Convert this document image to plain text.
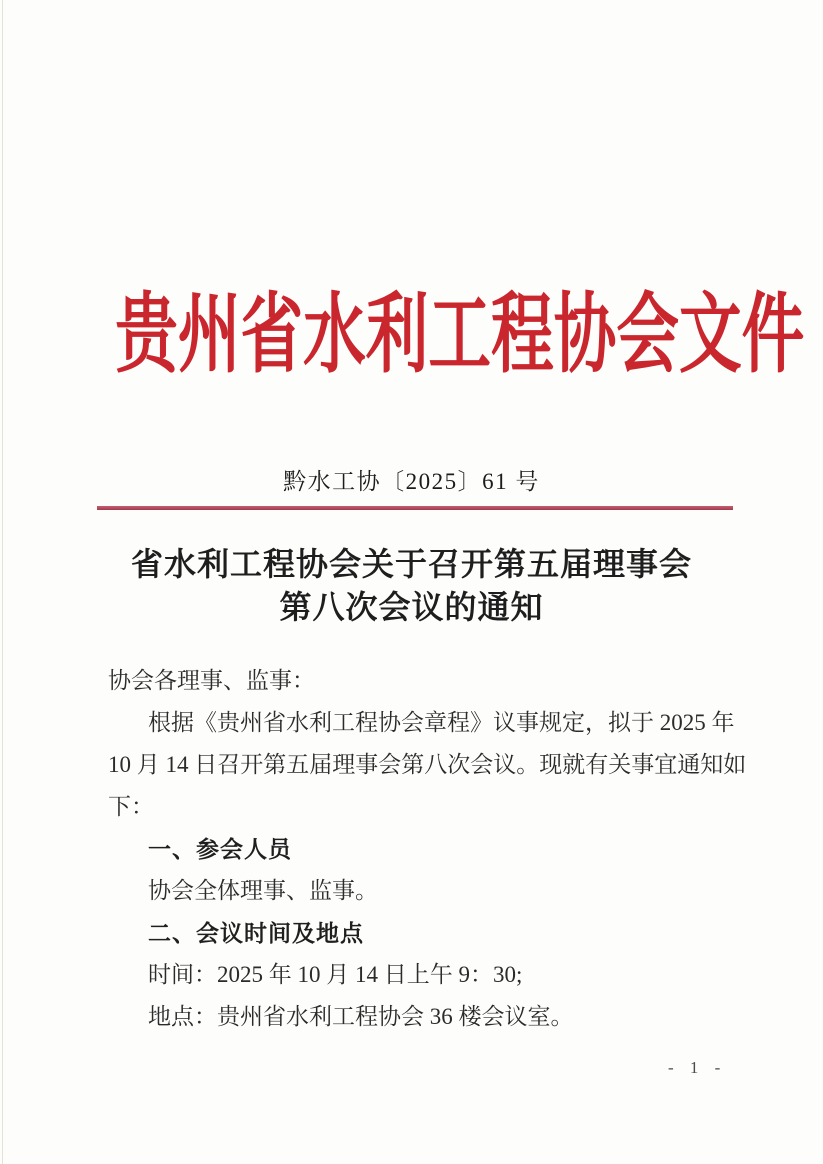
贵州省水利工程协会文件
黔水工协〔2025〕61 号
省水利工程协会关于召开第五届理事会
第八次会议的通知
协会各理事、监事：
根据《贵州省水利工程协会章程》议事规定，拟于 2025 年
10 月 14 日召开第五届理事会第八次会议。现就有关事宜通知如
下：
一、参会人员
协会全体理事、监事。
二、会议时间及地点
时间：2025 年 10 月 14 日上午 9：30;
地点：贵州省水利工程协会 36 楼会议室。
- 1 -
